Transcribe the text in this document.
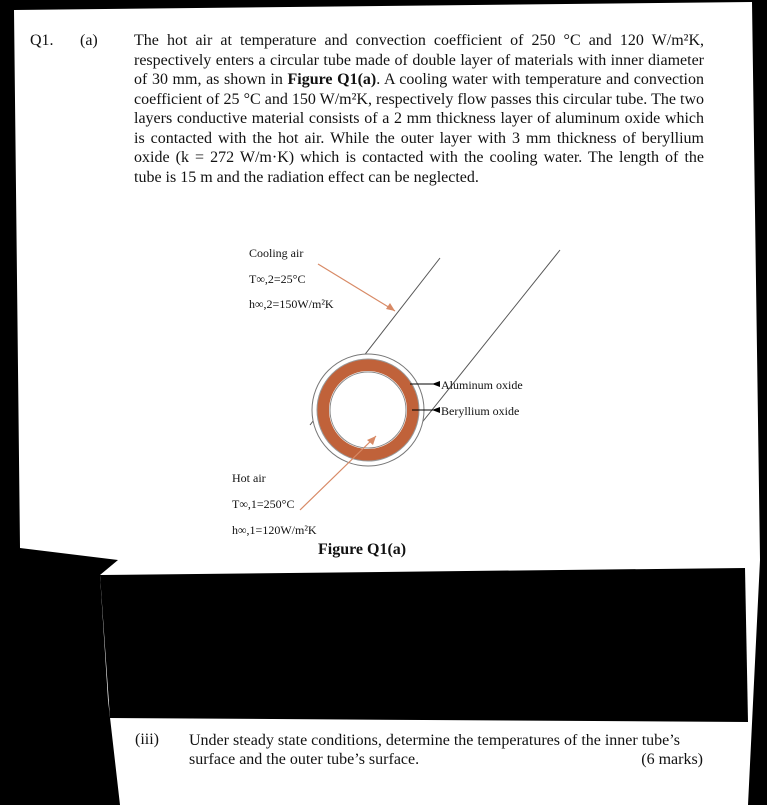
Q1. (a) The hot air at temperature and convection coefficient of 250 °C and 120 W/m²K, respectively enters a circular tube made of double layer of materials with inner diameter of 30 mm, as shown in Figure Q1(a). A cooling water with temperature and convection coefficient of 25 °C and 150 W/m²K, respectively flow passes this circular tube. The two layers conductive material consists of a 2 mm thickness layer of aluminum oxide which is contacted with the hot air. While the outer layer with 3 mm thickness of beryllium oxide (k = 272 W/m·K) which is contacted with the cooling water. The length of the tube is 15 m and the radiation effect can be neglected.
Cooling air
T∞,2=25°C
h∞,2=150W/m²K
Aluminum oxide
Beryllium oxide
Hot air
T∞,1=250°C
h∞,1=120W/m²K
Figure Q1(a)
(iii) Under steady state conditions, determine the temperatures of the inner tube’s surface and the outer tube’s surface.	(6 marks)
